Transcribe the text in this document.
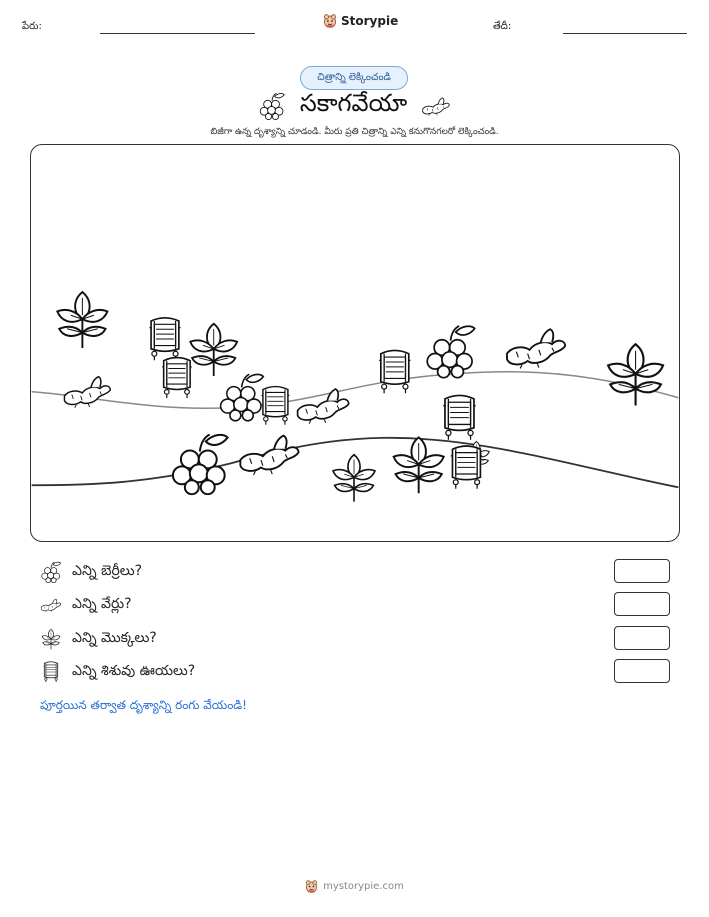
పేరు:	Storypie	తేదీ:
చిత్రాన్ని లెక్కించండి
సకాగవేయా
బిజీగా ఉన్న దృశ్యాన్ని చూడండి. మీరు ప్రతి చిత్రాన్ని ఎన్ని కనుగొనగలరో లెక్కించండి.
ఎన్ని బెర్రీలు?
ఎన్ని వేర్లు?
ఎన్ని మొక్కలు?
ఎన్ని శిశువు ఊయలు?
పూర్తయిన తర్వాత దృశ్యాన్ని రంగు వేయండి!
mystorypie.com
